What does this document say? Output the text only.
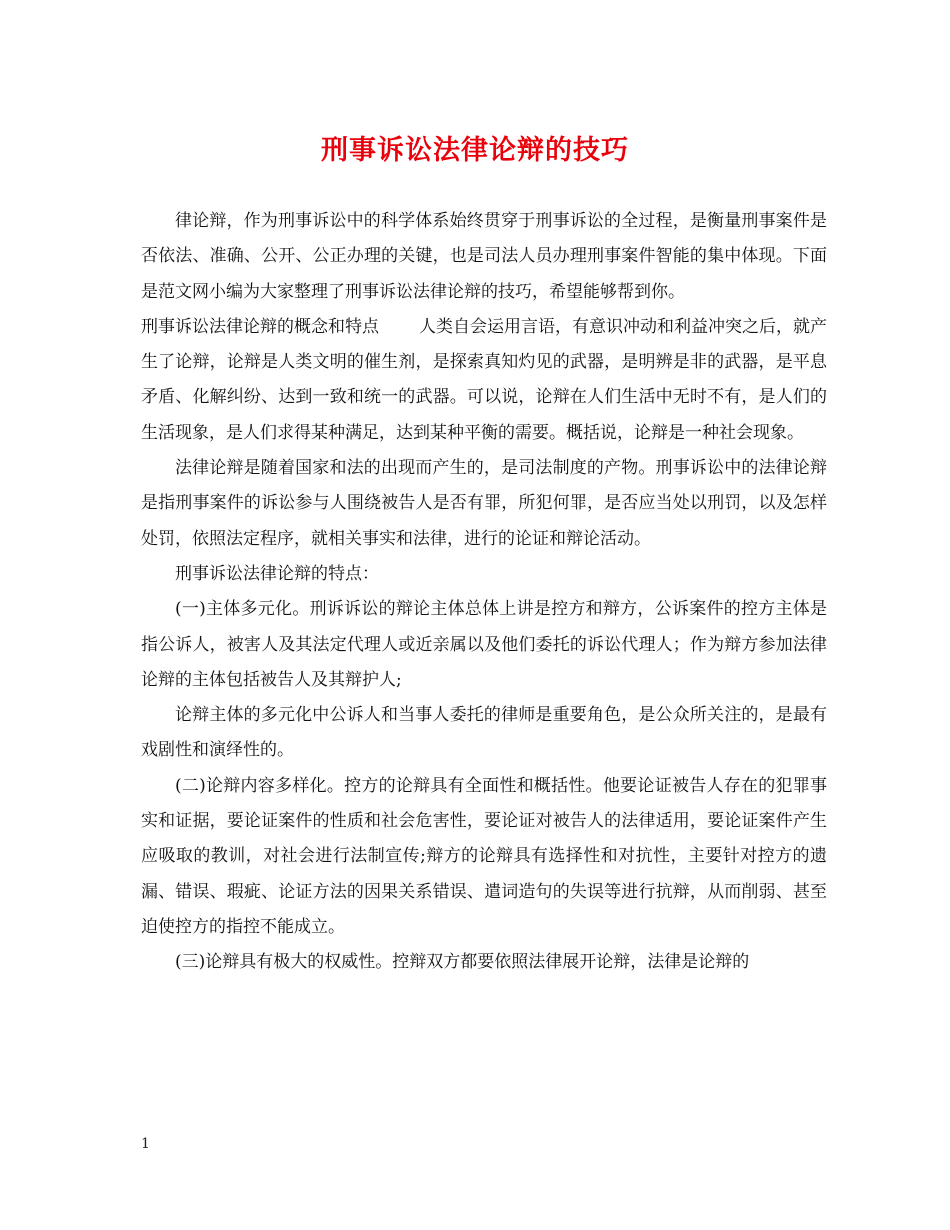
刑事诉讼法律论辩的技巧

律论辩，作为刑事诉讼中的科学体系始终贯穿于刑事诉讼的全过程，是衡量刑事案件是否依法、准确、公开、公正办理的关键，也是司法人员办理刑事案件智能的集中体现。下面是范文网小编为大家整理了刑事诉讼法律论辩的技巧，希望能够帮到你。

刑事诉讼法律论辩的概念和特点 人类自会运用言语，有意识冲动和利益冲突之后，就产生了论辩，论辩是人类文明的催生剂，是探索真知灼见的武器，是明辨是非的武器，是平息矛盾、化解纠纷、达到一致和统一的武器。可以说，论辩在人们生活中无时不有，是人们的生活现象，是人们求得某种满足，达到某种平衡的需要。概括说，论辩是一种社会现象。

法律论辩是随着国家和法的出现而产生的，是司法制度的产物。刑事诉讼中的法律论辩是指刑事案件的诉讼参与人围绕被告人是否有罪，所犯何罪，是否应当处以刑罚，以及怎样处罚，依照法定程序，就相关事实和法律，进行的论证和辩论活动。

刑事诉讼法律论辩的特点：

(一)主体多元化。刑诉诉讼的辩论主体总体上讲是控方和辩方，公诉案件的控方主体是指公诉人，被害人及其法定代理人或近亲属以及他们委托的诉讼代理人；作为辩方参加法律论辩的主体包括被告人及其辩护人;

论辩主体的多元化中公诉人和当事人委托的律师是重要角色，是公众所关注的，是最有戏剧性和演绎性的。

(二)论辩内容多样化。控方的论辩具有全面性和概括性。他要论证被告人存在的犯罪事实和证据，要论证案件的性质和社会危害性，要论证对被告人的法律适用，要论证案件产生应吸取的教训，对社会进行法制宣传;辩方的论辩具有选择性和对抗性，主要针对控方的遗漏、错误、瑕疵、论证方法的因果关系错误、遣词造句的失误等进行抗辩，从而削弱、甚至迫使控方的指控不能成立。

(三)论辩具有极大的权威性。控辩双方都要依照法律展开论辩，法律是论辩的

1
